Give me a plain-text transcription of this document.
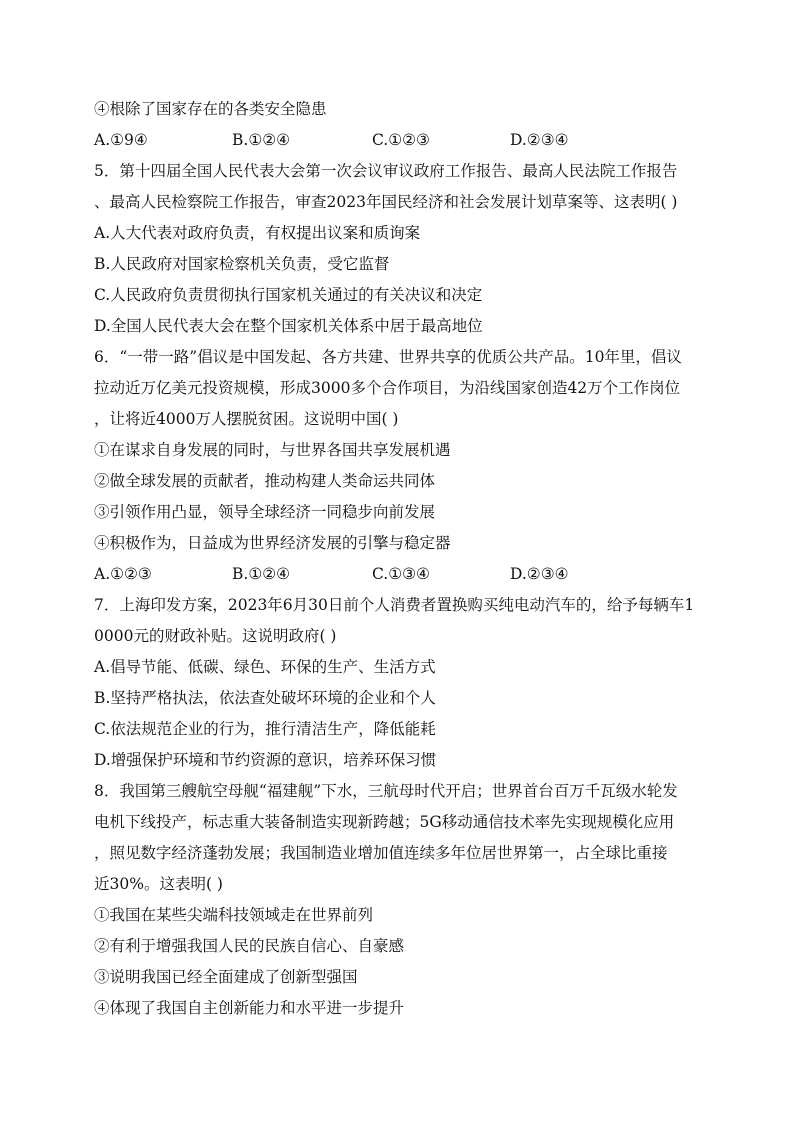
④根除了国家存在的各类安全隐患
A.①9④	B.①②④	C.①②③	D.②③④
5．第十四届全国人民代表大会第一次会议审议政府工作报告、最高人民法院工作报告
、最高人民检察院工作报告，审查2023年国民经济和社会发展计划草案等、这表明( )
A.人大代表对政府负责，有权提出议案和质询案
B.人民政府对国家检察机关负责，受它监督
C.人民政府负责贯彻执行国家机关通过的有关决议和决定
D.全国人民代表大会在整个国家机关体系中居于最高地位
6．“一带一路”倡议是中国发起、各方共建、世界共享的优质公共产品。10年里，倡议
拉动近万亿美元投资规模，形成3000多个合作项目，为沿线国家创造42万个工作岗位
，让将近4000万人摆脱贫困。这说明中国( )
①在谋求自身发展的同时，与世界各国共享发展机遇
②做全球发展的贡献者，推动构建人类命运共同体
③引领作用凸显，领导全球经济一同稳步向前发展
④积极作为，日益成为世界经济发展的引擎与稳定器
A.①②③	B.①②④	C.①③④	D.②③④
7．上海印发方案，2023年6月30日前个人消费者置换购买纯电动汽车的，给予每辆车1
0000元的财政补贴。这说明政府( )
A.倡导节能、低碳、绿色、环保的生产、生活方式
B.坚持严格执法，依法查处破坏环境的企业和个人
C.依法规范企业的行为，推行清洁生产，降低能耗
D.增强保护环境和节约资源的意识，培养环保习惯
8．我国第三艘航空母舰“福建舰”下水，三航母时代开启；世界首台百万千瓦级水轮发
电机下线投产，标志重大装备制造实现新跨越；5G移动通信技术率先实现规模化应用
，照见数字经济蓬勃发展；我国制造业增加值连续多年位居世界第一，占全球比重接
近30%。这表明( )
①我国在某些尖端科技领域走在世界前列
②有利于增强我国人民的民族自信心、自豪感
③说明我国已经全面建成了创新型强国
④体现了我国自主创新能力和水平进一步提升
